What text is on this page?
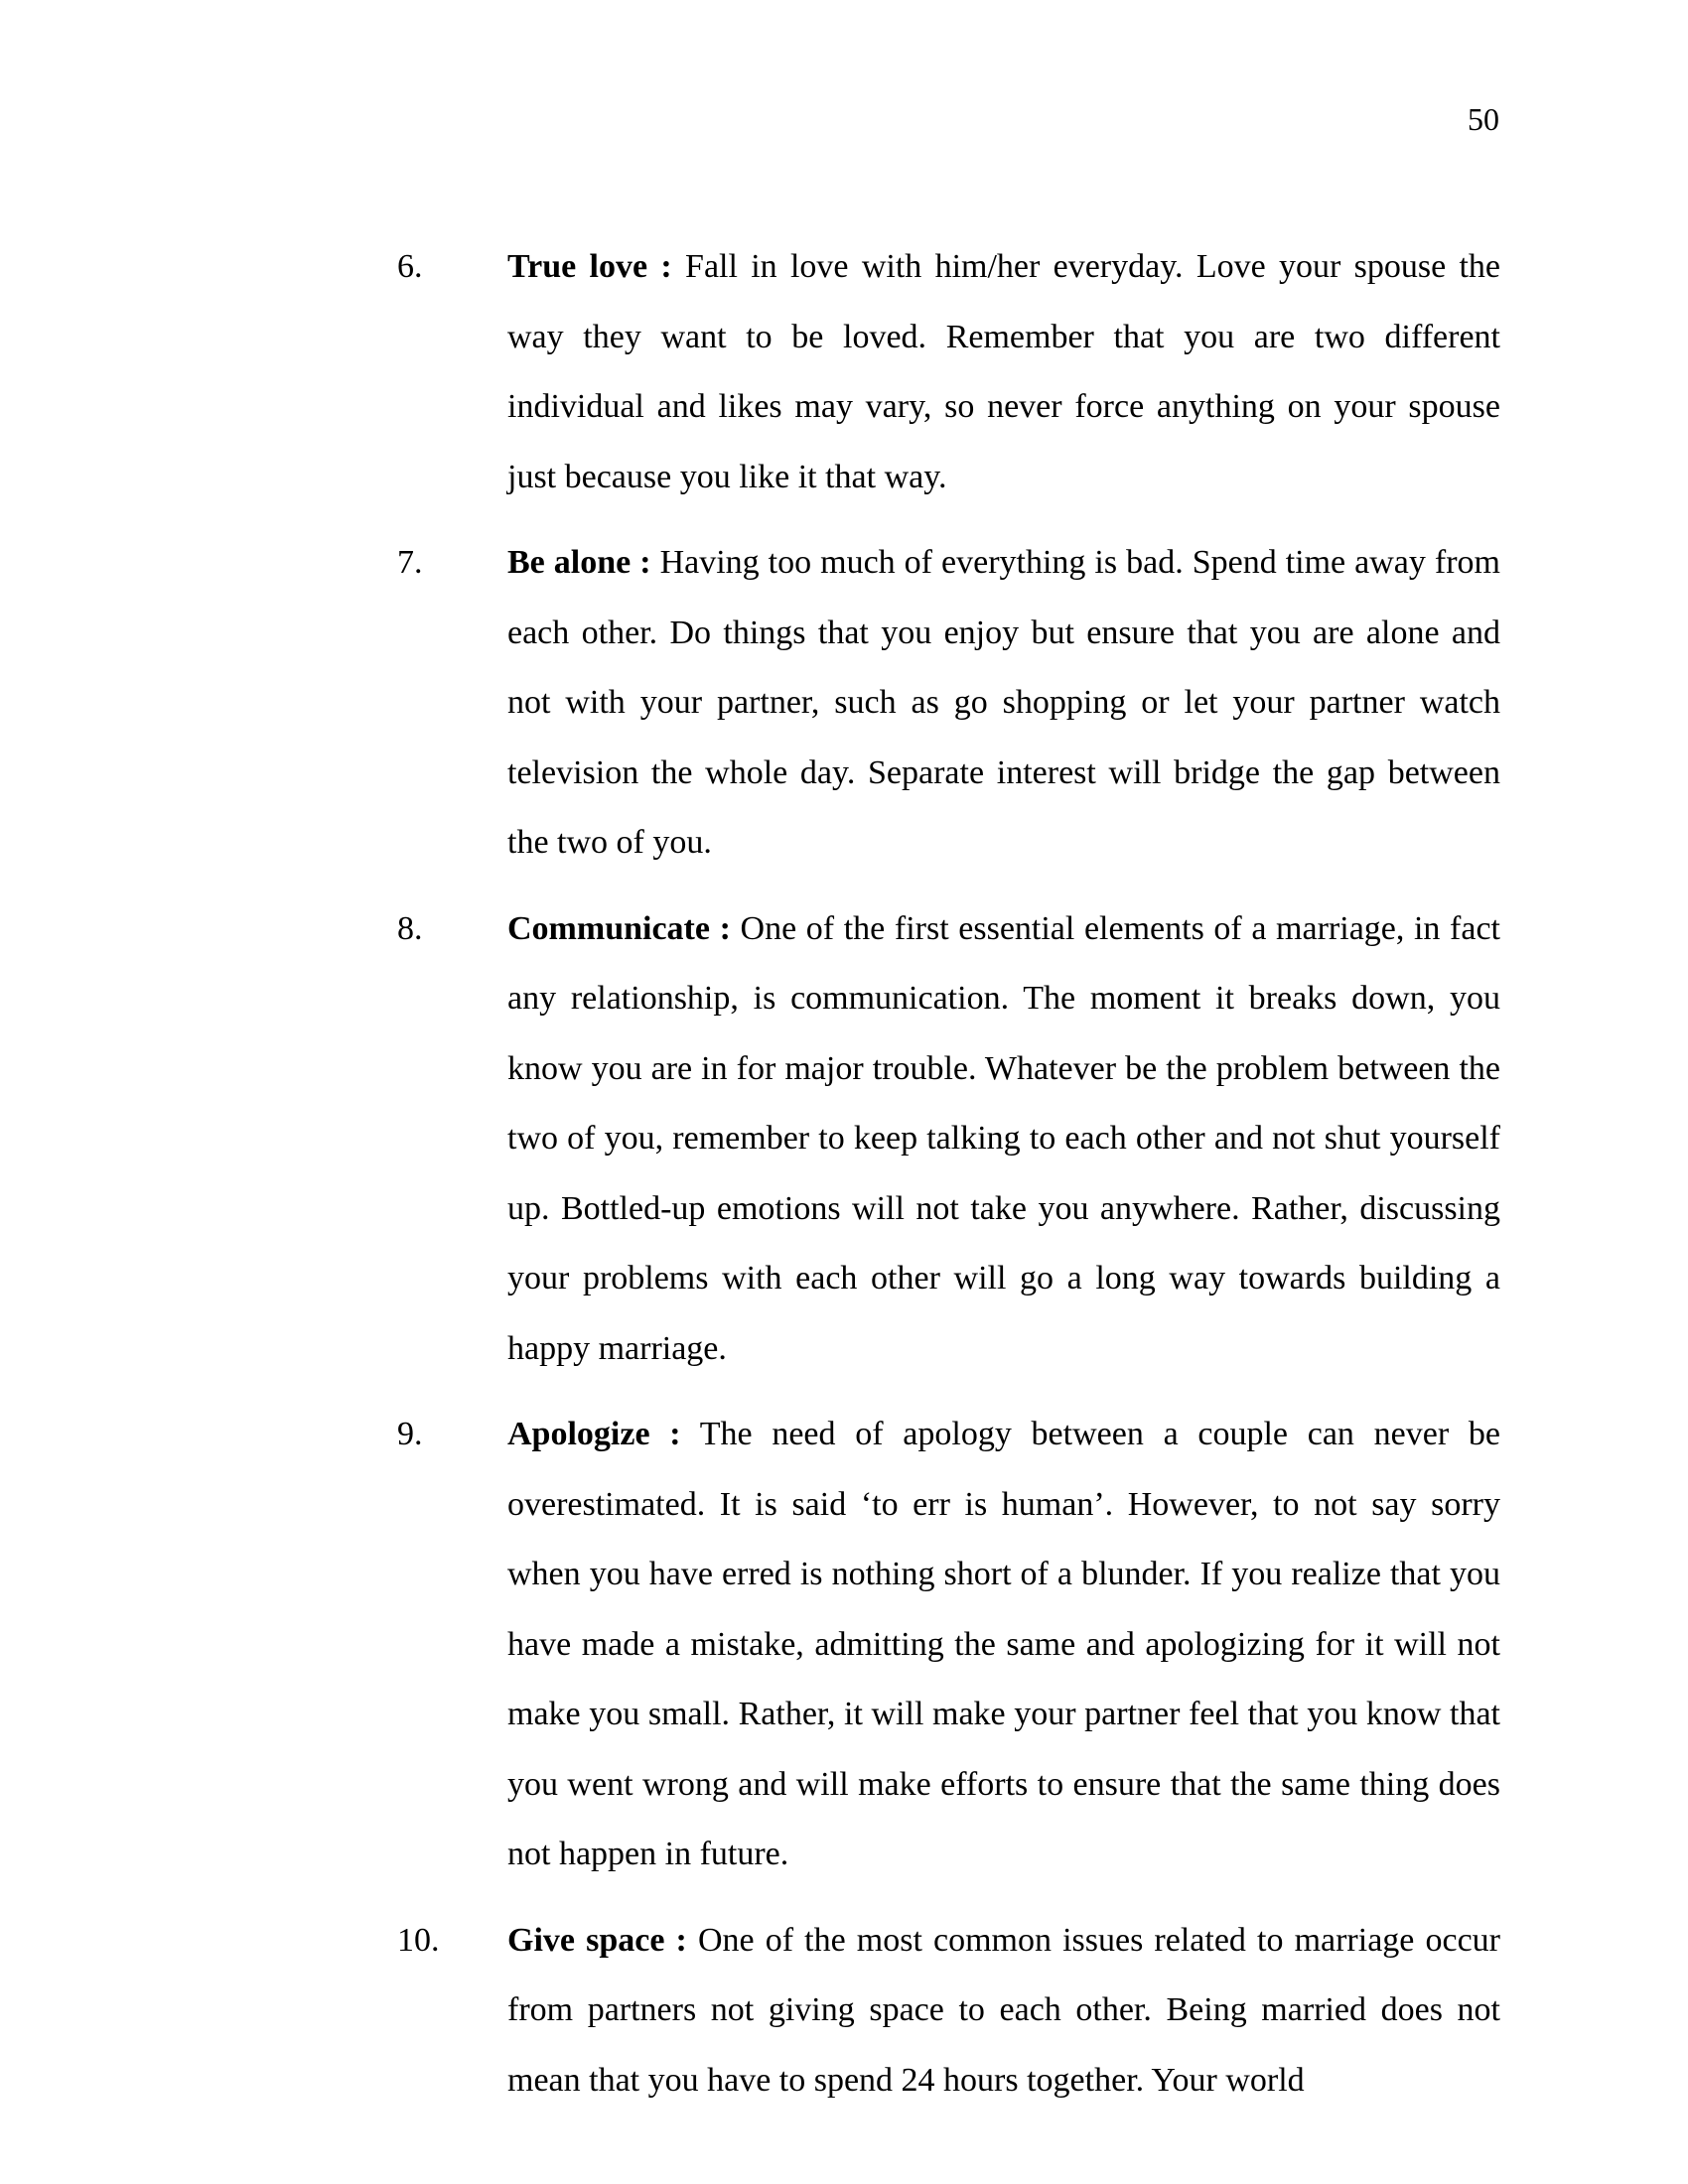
50
6.	True love : Fall in love with him/her everyday. Love your spouse the way they want to be loved. Remember that you are two different individual and likes may vary, so never force anything on your spouse just because you like it that way.
7.	Be alone : Having too much of everything is bad. Spend time away from each other. Do things that you enjoy but ensure that you are alone and not with your partner, such as go shopping or let your partner watch television the whole day. Separate interest will bridge the gap between the two of you.
8.	Communicate : One of the first essential elements of a marriage, in fact any relationship, is communication. The moment it breaks down, you know you are in for major trouble. Whatever be the problem between the two of you, remember to keep talking to each other and not shut yourself up. Bottled-up emotions will not take you anywhere. Rather, discussing your problems with each other will go a long way towards building a happy marriage.
9.	Apologize : The need of apology between a couple can never be overestimated. It is said ‘to err is human’. However, to not say sorry when you have erred is nothing short of a blunder. If you realize that you have made a mistake, admitting the same and apologizing for it will not make you small. Rather, it will make your partner feel that you know that you went wrong and will make efforts to ensure that the same thing does not happen in future.
10. Give space : One of the most common issues related to marriage occur from partners not giving space to each other. Being married does not mean that you have to spend 24 hours together. Your world
